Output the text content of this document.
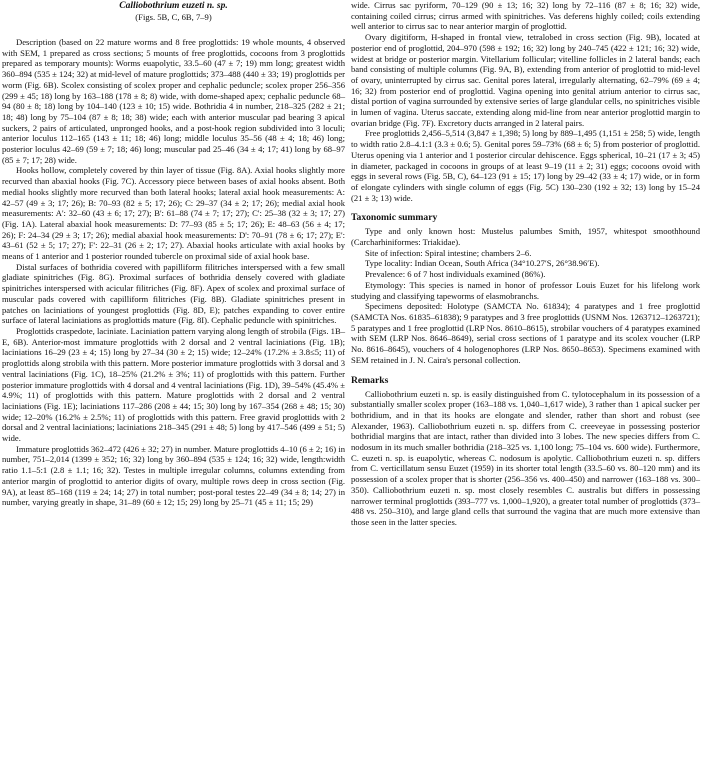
Calliobothrium euzeti n. sp.
(Figs. 5B, C, 6B, 7–9)

Description (based on 22 mature worms and 8 free proglottids: 19 whole mounts, 4 observed with SEM, 1 prepared as cross sections; 5 mounts of free proglottids, cocoons from 3 proglottids prepared as temporary mounts): Worms euapolytic, 33.5–60 (47 ± 7; 19) mm long; greatest width 360–894 (535 ± 124; 32) at mid-level of mature proglottids; 373–488 (440 ± 33; 19) proglottids per worm (Fig. 6B). Scolex consisting of scolex proper and cephalic peduncle; scolex proper 256–356 (299 ± 45; 18) long by 163–188 (178 ± 8; 8) wide, with dome-shaped apex; cephalic peduncle 68–94 (80 ± 8; 18) long by 104–140 (123 ± 10; 15) wide. Bothridia 4 in number, 218–325 (282 ± 21; 18; 48) long by 75–104 (87 ± 8; 18; 38) wide; each with anterior muscular pad bearing 3 apical suckers, 2 pairs of articulated, unpronged hooks, and a post-hook region subdivided into 3 loculi; anterior loculus 112–165 (143 ± 11; 18; 46) long; middle loculus 35–56 (48 ± 4; 18; 46) long; posterior loculus 42–69 (59 ± 7; 18; 46) long; muscular pad 25–46 (34 ± 4; 17; 41) long by 68–97 (85 ± 7; 17; 28) wide.

Hooks hollow, completely covered by thin layer of tissue (Fig. 8A). Axial hooks slightly more recurved than abaxial hooks (Fig. 7C). Accessory piece between bases of axial hooks absent. Both medial hooks slightly more recurved than both lateral hooks; lateral axial hook measurements: A: 42–57 (49 ± 3; 17; 26); B: 70–93 (82 ± 5; 17; 26); C: 29–37 (34 ± 2; 17; 26); medial axial hook measurements: A': 32–60 (43 ± 6; 17; 27); B': 61–88 (74 ± 7; 17; 27); C': 25–38 (32 ± 3; 17; 27) (Fig. 1A). Lateral abaxial hook measurements: D: 77–93 (85 ± 5; 17; 26); E: 48–63 (56 ± 4; 17; 26); F: 24–34 (29 ± 3; 17; 26); medial abaxial hook measurements: D': 70–91 (78 ± 6; 17; 27); E': 43–61 (52 ± 5; 17; 27); F': 22–31 (26 ± 2; 17; 27). Abaxial hooks articulate with axial hooks by means of 1 anterior and 1 posterior rounded tubercle on proximal side of axial hook base.

Distal surfaces of bothridia covered with papilliform filitriches interspersed with a few small gladiate spinitriches (Fig. 8G). Proximal surfaces of bothridia densely covered with gladiate spinitriches interspersed with acicular filitriches (Fig. 8F). Apex of scolex and proximal surface of muscular pads covered with capilliform filitriches (Fig. 8B). Gladiate spinitriches present in patches on laciniations of youngest proglottids (Fig. 8D, E); patches expanding to cover entire surface of lateral laciniations as proglottids mature (Fig. 8I). Cephalic peduncle with spinitriches.

Proglottids craspedote, laciniate. Laciniation pattern varying along length of strobila (Figs. 1B–E, 6B). Anterior-most immature proglottids with 2 dorsal and 2 ventral laciniations (Fig. 1B); laciniations 16–29 (23 ± 4; 15) long by 27–34 (30 ± 2; 15) wide; 12–24% (17.2% ± 3.8≤5; 11) of proglottids along strobila with this pattern. More posterior immature proglottids with 3 dorsal and 3 ventral laciniations (Fig. 1C), 18–25% (21.2% ± 3%; 11) of proglottids with this pattern. Further posterior immature proglottids with 4 dorsal and 4 ventral laciniations (Fig. 1D), 39–54% (45.4% ± 4.9%; 11) of proglottids with this pattern. Mature proglottids with 2 dorsal and 2 ventral laciniations (Fig. 1E); laciniations 117–286 (208 ± 44; 15; 30) long by 167–354 (268 ± 48; 15; 30) wide; 12–20% (16.2% ± 2.5%; 11) of proglottids with this pattern. Free gravid proglottids with 2 dorsal and 2 ventral laciniations; laciniations 218–345 (291 ± 48; 5) long by 417–546 (499 ± 51; 5) wide.

Immature proglottids 362–472 (426 ± 32; 27) in number. Mature proglottids 4–10 (6 ± 2; 16) in number, 751–2,014 (1399 ± 352; 16; 32) long by 360–894 (535 ± 124; 16; 32) wide, length:width ratio 1.1–5:1 (2.8 ± 1.1; 16; 32). Testes in multiple irregular columns, columns extending from anterior margin of proglottid to anterior digits of ovary, multiple rows deep in cross section (Fig. 9A), at least 85–168 (119 ± 24; 14; 27) in total number; post-poral testes 22–49 (34 ± 8; 14; 27) in number, varying greatly in shape, 31–89 (60 ± 12; 15; 29) long by 25–71 (45 ± 11; 15; 29)

wide. Cirrus sac pyriform, 70–129 (90 ± 13; 16; 32) long by 72–116 (87 ± 8; 16; 32) wide, containing coiled cirrus; cirrus armed with spinitriches. Vas deferens highly coiled; coils extending well anterior to cirrus sac to near anterior margin of proglottid.

Ovary digitiform, H-shaped in frontal view, tetralobed in cross section (Fig. 9B), located at posterior end of proglottid, 204–970 (598 ± 192; 16; 32) long by 240–745 (422 ± 121; 16; 32) wide, widest at bridge or posterior margin. Vitellarium follicular; vitelline follicles in 2 lateral bands; each band consisting of multiple columns (Fig. 9A, B), extending from anterior of proglottid to mid-level of ovary, uninterrupted by cirrus sac. Genital pores lateral, irregularly alternating, 62–79% (69 ± 4; 16; 32) from posterior end of proglottid. Vagina opening into genital atrium anterior to cirrus sac, distal portion of vagina surrounded by extensive series of large glandular cells, no spinitriches visible in lumen of vagina. Uterus saccate, extending along mid-line from near anterior proglottid margin to ovarian bridge (Fig. 7F). Excretory ducts arranged in 2 lateral pairs.

Free proglottids 2,456–5,514 (3,847 ± 1,398; 5) long by 889–1,495 (1,151 ± 258; 5) wide, length to width ratio 2.8–4.1:1 (3.3 ± 0.6; 5). Genital pores 59–73% (68 ± 6; 5) from posterior of proglottid. Uterus opening via 1 anterior and 1 posterior circular dehiscence. Eggs spherical, 10–21 (17 ± 3; 45) in diameter, packaged in cocoons in groups of at least 9–19 (11 ± 2; 31) eggs; cocoons ovoid with eggs in several rows (Fig. 5B, C), 64–123 (91 ± 15; 17) long by 29–42 (33 ± 4; 17) wide, or in form of elongate cylinders with single column of eggs (Fig. 5C) 130–230 (192 ± 32; 13) long by 15–24 (21 ± 3; 13) wide.

Taxonomic summary

Type and only known host: Mustelus palumbes Smith, 1957, whitespot smoothhound (Carcharhiniformes: Triakidae).

Site of infection: Spiral intestine; chambers 2–6.

Type locality: Indian Ocean, South Africa (34°10.27′S, 26°38.96′E).

Prevalence: 6 of 7 host individuals examined (86%).

Etymology: This species is named in honor of professor Louis Euzet for his lifelong work studying and classifying tapeworms of elasmobranchs.

Specimens deposited: Holotype (SAMCTA No. 61834); 4 paratypes and 1 free proglottid (SAMCTA Nos. 61835–61838); 9 paratypes and 3 free proglottids (USNM Nos. 1263712–1263721); 5 paratypes and 1 free proglottid (LRP Nos. 8610–8615), strobilar vouchers of 4 paratypes examined with SEM (LRP Nos. 8646–8649), serial cross sections of 1 paratype and its scolex voucher (LRP No. 8616–8645), vouchers of 4 hologenophores (LRP Nos. 8650–8653). Specimens examined with SEM retained in J. N. Caira's personal collection.

Remarks

Calliobothrium euzeti n. sp. is easily distinguished from C. tylotocephalum in its possession of a substantially smaller scolex proper (163–188 vs. 1,040–1,617 wide), 3 rather than 1 apical sucker per bothridium, and in that its hooks are elongate and slender, rather than short and robust (see Alexander, 1963). Calliobothrium euzeti n. sp. differs from C. creeveyae in possessing posterior bothridial margins that are intact, rather than divided into 3 lobes. The new species differs from C. nodosum in its much smaller bothridia (218–325 vs. 1,100 long; 75–104 vs. 600 wide). Furthermore, C. euzeti n. sp. is euapolytic, whereas C. nodosum is apolytic. Calliobothrium euzeti n. sp. differs from C. verticillatum sensu Euzet (1959) in its shorter total length (33.5–60 vs. 80–120 mm) and its possession of a scolex proper that is shorter (256–356 vs. 400–450) and narrower (163–188 vs. 300–350). Calliobothrium euzeti n. sp. most closely resembles C. australis but differs in possessing narrower terminal proglottids (393–777 vs. 1,000–1,920), a greater total number of proglottids (373–488 vs. 250–310), and large gland cells that surround the vagina that are much more extensive than those seen in the latter species.
